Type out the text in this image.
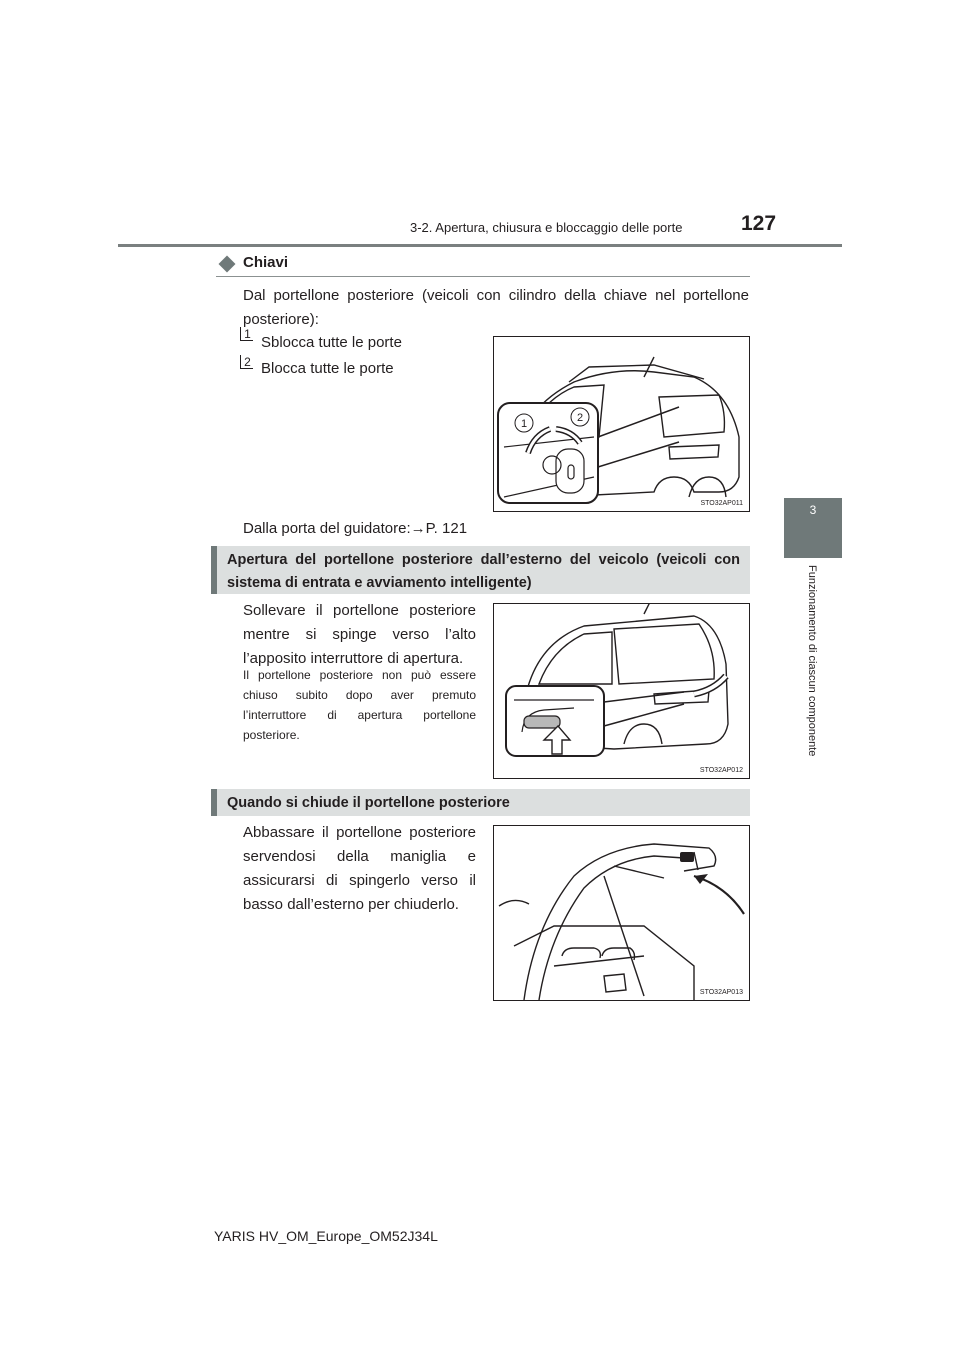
3-2. Apertura, chiusura e bloccaggio delle porte	127
3
Funzionamento di ciascun componente
Chiavi
Dal portellone posteriore (veicoli con cilindro della chiave nel portellone posteriore):
1 Sblocca tutte le porte
2 Blocca tutte le porte
Dalla porta del guidatore:→P. 121
1	2
STO32AP011
Apertura del portellone posteriore dall’esterno del veicolo (veicoli con sistema di entrata e avviamento intelligente)
Sollevare il portellone posteriore mentre si spinge verso l’alto l’apposito interruttore di apertura.
Il portellone posteriore non può essere chiuso subito dopo aver premuto l’interruttore di apertura portellone posteriore.
STO32AP012
Quando si chiude il portellone posteriore
Abbassare il portellone posteriore servendosi della maniglia e assicurarsi di spingerlo verso il basso dall’esterno per chiuderlo.
STO32AP013
YARIS HV_OM_Europe_OM52J34L
